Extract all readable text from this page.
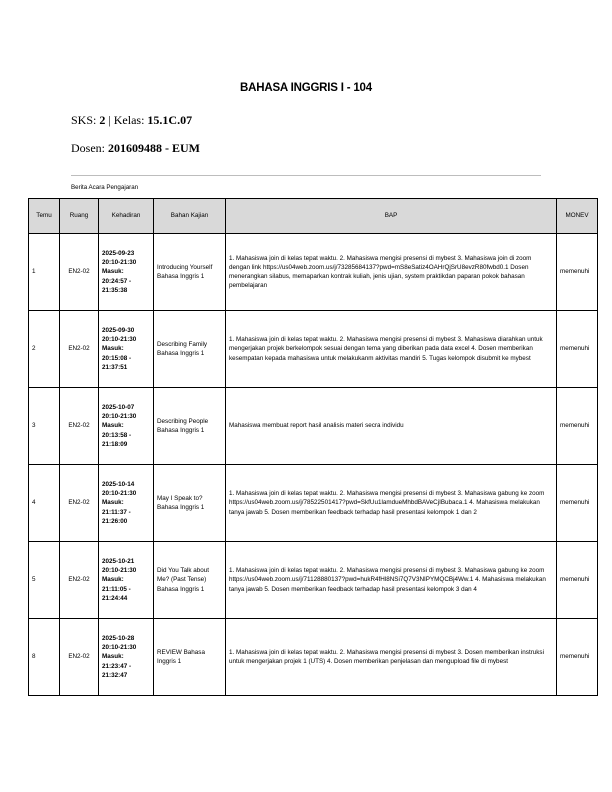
BAHASA INGGRIS I - 104
SKS: 2 | Kelas: 15.1C.07
Dosen: 201609488 - EUM
Berita Acara Pengajaran
Temu	Ruang	Kehadiran	Bahan Kajian	BAP	MONEV
1	EN2-02	2025-09-23 20:10-21:30 Masuk: 20:24:57 - 21:35:38	Introducing Yourself Bahasa Inggris 1	1. Mahasiswa join di kelas tepat waktu. 2. Mahasiswa mengisi presensi di mybest 3. Mahasiswa join di zoom dengan link https://us04web.zoom.us/j/73285684137?pwd=mS8eSatiz4OAHrQjSrU8evzR80fwbd0.1 Dosen menerangkan silabus, memaparkan kontrak kuliah, jenis ujian, system praktikdan paparan pokok bahasan pembelajaran	memenuhi
2	EN2-02	2025-09-30 20:10-21:30 Masuk: 20:15:08 - 21:37:51	Describing Family Bahasa Inggris 1	1. Mahasiswa join di kelas tepat waktu. 2. Mahasiswa mengisi presensi di mybest 3. Mahasiswa diarahkan untuk mengerjakan projek berkelompok sesuai dengan tema yang diberikan pada data excel 4. Dosen memberikan kesempatan kepada mahasiswa untuk melakukanm aktivitas mandiri 5. Tugas kelompok disubmit ke mybest	memenuhi
3	EN2-02	2025-10-07 20:10-21:30 Masuk: 20:13:58 - 21:18:09	Describing People Bahasa Inggris 1	Mahasiswa membuat report hasil analisis materi secra individu	memenuhi
4	EN2-02	2025-10-14 20:10-21:30 Masuk: 21:11:37 - 21:26:00	May I Speak to? Bahasa Inggris 1	1. Mahasiswa join di kelas tepat waktu. 2. Mahasiswa mengisi presensi di mybest 3. Mahasiswa gabung ke zoom https://us04web.zoom.us/j/78522501417?pwd=SkfUu1lamdueMhbdBAVeCjIBubaca.1 4. Mahasiswa melakukan tanya jawab 5. Dosen memberikan feedback terhadap hasil presentasi kelompok 1 dan 2	memenuhi
5	EN2-02	2025-10-21 20:10-21:30 Masuk: 21:11:05 - 21:24:44	Did You Talk about Me? (Past Tense) Bahasa Inggris 1	1. Mahasiswa join di kelas tepat waktu. 2. Mahasiswa mengisi presensi di mybest 3. Mahasiswa gabung ke zoom https://us04web.zoom.us/j/71128880137?pwd=hukR4fHl8NSi7Q7V3NIPYMQCBj4Ww.1 4. Mahasiswa melakukan tanya jawab 5. Dosen memberikan feedback terhadap hasil presentasi kelompok 3 dan 4	memenuhi
8	EN2-02	2025-10-28 20:10-21:30 Masuk: 21:23:47 - 21:32:47	REVIEW Bahasa Inggris 1	1. Mahasiswa join di kelas tepat waktu. 2. Mahasiswa mengisi presensi di mybest 3. Dosen memberikan instruksi untuk mengerjakan projek 1 (UTS) 4. Dosen memberikan penjelasan dan mengupload file di mybest	memenuhi
